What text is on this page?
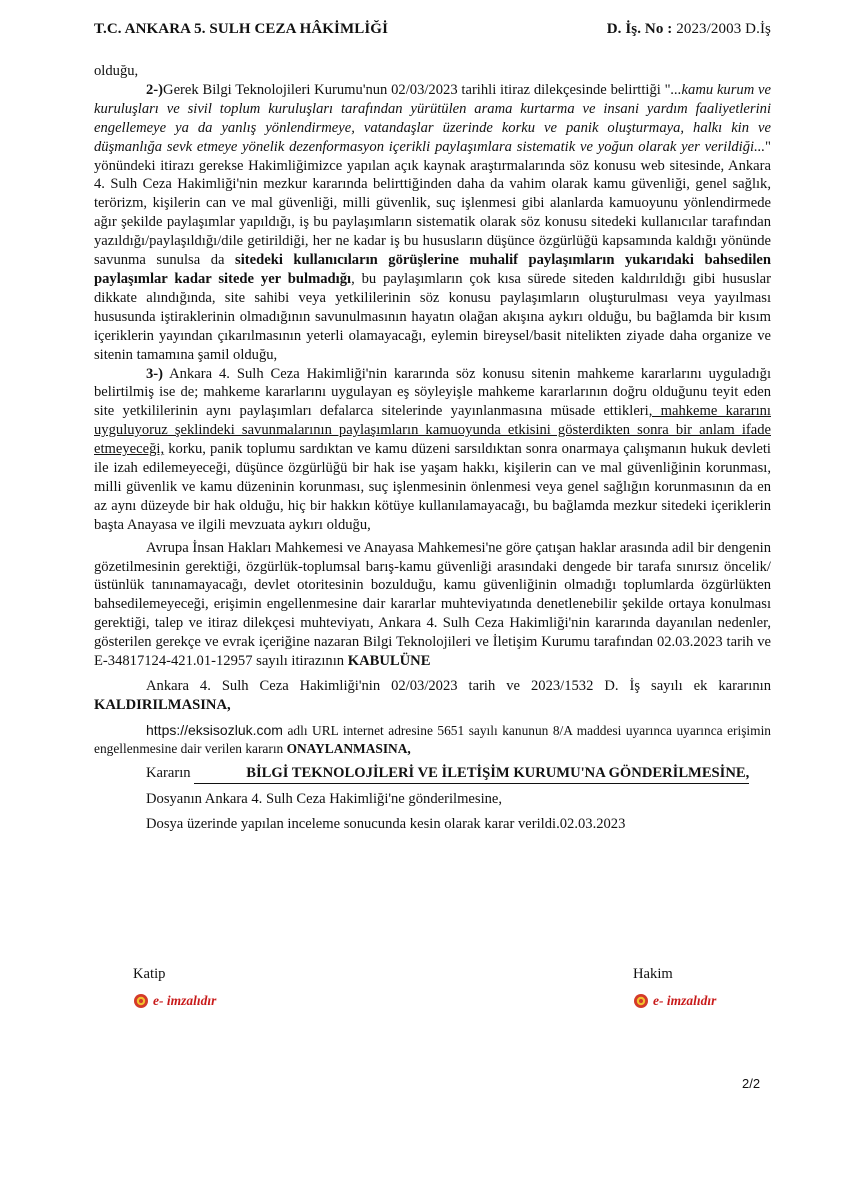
T.C. ANKARA 5. SULH CEZA HÂKİMLİĞİ	D. İş. No : 2023/2003 D.İş

olduğu,

2-)Gerek Bilgi Teknolojileri Kurumu'nun 02/03/2023 tarihli itiraz dilekçesinde belirttiği "...kamu kurum ve kuruluşları ve sivil toplum kuruluşları tarafından yürütülen arama kurtarma ve insani yardım faaliyetlerini engellemeye ya da yanlış yönlendirmeye, vatandaşlar üzerinde korku ve panik oluşturmaya, halkı kin ve düşmanlığa sevk etmeye yönelik dezenformasyon içerikli paylaşımlara sistematik ve yoğun olarak yer verildiği..." yönündeki itirazı gerekse Hakimliğimizce yapılan açık kaynak araştırmalarında söz konusu web sitesinde, Ankara 4. Sulh Ceza Hakimliği'nin mezkur kararında belirttiğinden daha da vahim olarak kamu güvenliği, genel sağlık, terörizm, kişilerin can ve mal güvenliği, milli güvenlik, suç işlenmesi gibi alanlarda kamuoyunu yönlendirmede ağır şekilde paylaşımlar yapıldığı, iş bu paylaşımların sistematik olarak söz konusu sitedeki kullanıcılar tarafından yazıldığı/paylaşıldığı/dile getirildiği, her ne kadar iş bu hususların düşünce özgürlüğü kapsamında kaldığı yönünde savunma sunulsa da sitedeki kullanıcıların görüşlerine muhalif paylaşımların yukarıdaki bahsedilen paylaşımlar kadar sitede yer bulmadığı, bu paylaşımların çok kısa sürede siteden kaldırıldığı gibi hususlar dikkate alındığında, site sahibi veya yetkililerinin söz konusu paylaşımların oluşturulması veya yayılması hususunda iştiraklerinin olmadığının savunulmasının hayatın olağan akışına aykırı olduğu, bu bağlamda bir kısım içeriklerin yayından çıkarılmasının yeterli olamayacağı, eylemin bireysel/basit nitelikten ziyade daha organize ve sitenin tamamına şamil olduğu,

3-) Ankara 4. Sulh Ceza Hakimliği'nin kararında söz konusu sitenin mahkeme kararlarını uyguladığı belirtilmiş ise de; mahkeme kararlarını uygulayan eş söyleyişle mahkeme kararlarının doğru olduğunu teyit eden site yetkililerinin aynı paylaşımları defalarca sitelerinde yayınlanmasına müsade ettikleri, mahkeme kararını uyguluyoruz şeklindeki savunmalarının paylaşımların kamuoyunda etkisini gösterdikten sonra bir anlam ifade etmeyeceği, korku, panik toplumu sardıktan ve kamu düzeni sarsıldıktan sonra onarmaya çalışmanın hukuk devleti ile izah edilemeyeceği, düşünce özgürlüğü bir hak ise yaşam hakkı, kişilerin can ve mal güvenliğinin korunması, milli güvenlik ve kamu düzeninin korunması, suç işlenmesinin önlenmesi veya genel sağlığın korunmasının da en az aynı düzeyde bir hak olduğu, hiç bir hakkın kötüye kullanılamayacağı, bu bağlamda mezkur sitedeki içeriklerin başta Anayasa ve ilgili mevzuata aykırı olduğu,

Avrupa İnsan Hakları Mahkemesi ve Anayasa Mahkemesi'ne göre çatışan haklar arasında adil bir dengenin gözetilmesinin gerektiği, özgürlük-toplumsal barış-kamu güvenliği arasındaki dengede bir tarafa sınırsız öncelik/üstünlük tanınamayacağı, devlet otoritesinin bozulduğu, kamu güvenliğinin olmadığı toplumlarda özgürlükten bahsedilemeyeceği, erişimin engellenmesine dair kararlar muhteviyatında denetlenebilir şekilde ortaya konulması gerektiği, talep ve itiraz dilekçesi muhteviyatı, Ankara 4. Sulh Ceza Hakimliği'nin kararında dayanılan nedenler, gösterilen gerekçe ve evrak içeriğine nazaran Bilgi Teknolojileri ve İletişim Kurumu tarafından 02.03.2023 tarih ve E-34817124-421.01-12957 sayılı itirazının KABULÜNE

Ankara 4. Sulh Ceza Hakimliği'nin 02/03/2023 tarih ve 2023/1532 D. İş sayılı ek kararının KALDIRILMASINA,

https://eksisozluk.com adlı URL internet adresine 5651 sayılı kanunun 8/A maddesi uyarınca uyarınca erişimin engellenmesine dair verilen kararın ONAYLANMASINA,

Kararın	BİLGİ TEKNOLOJİLERİ VE İLETİŞİM KURUMU'NA GÖNDERİLMESİNE,

Dosyanın Ankara 4. Sulh Ceza Hakimliği'ne gönderilmesine,

Dosya üzerinde yapılan inceleme sonucunda kesin olarak karar verildi.02.03.2023

Katip
e- imzalıdır
Hakim
e- imzalıdır
2/2
